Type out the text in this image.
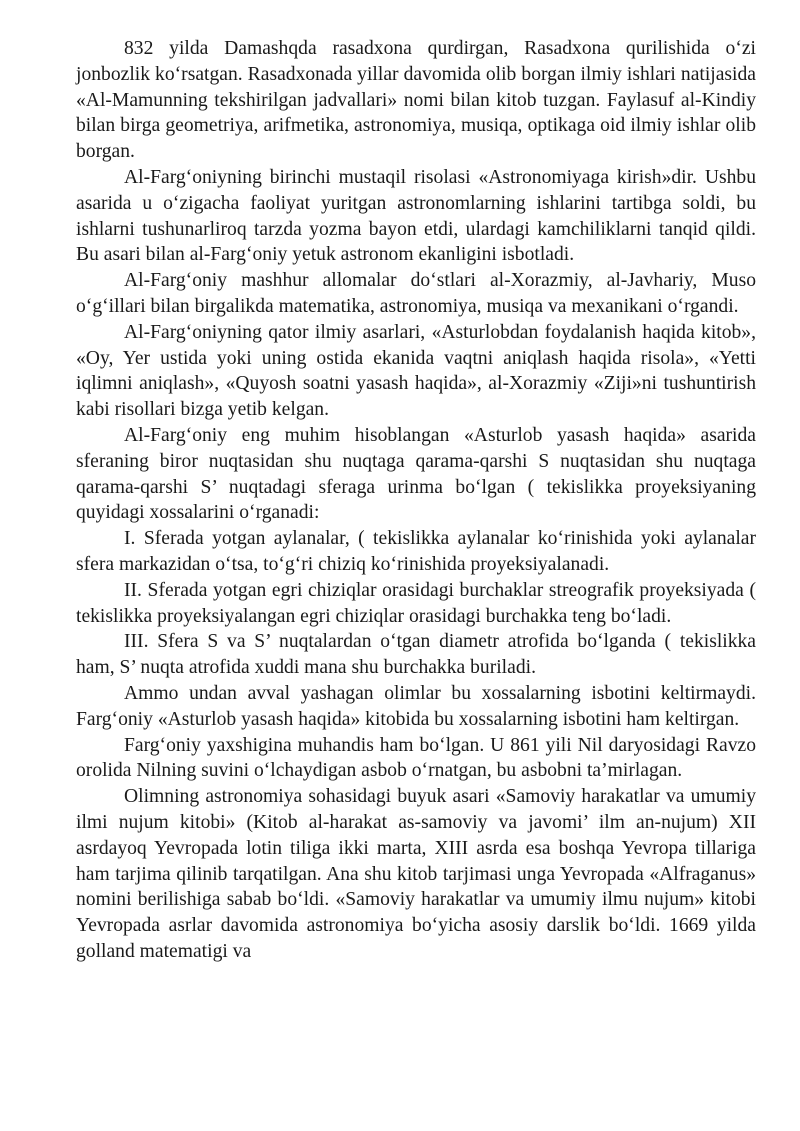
832 yilda Damashqda rasadxona qurdirgan, Rasadxona qurilishida o‘zi jonbozlik ko‘rsatgan. Rasadxonada yillar davomida olib borgan ilmiy ishlari natijasida «Al-Mamunning tekshirilgan jadvallari» nomi bilan kitob tuzgan. Faylasuf al-Kindiy bilan birga geometriya, arifmetika, astronomiya, musiqa, optikaga oid ilmiy ishlar olib borgan.

Al-Farg‘oniyning birinchi mustaqil risolasi «Astronomiyaga kirish»dir. Ushbu asarida u o‘zigacha faoliyat yuritgan astronomlarning ishlarini tartibga soldi, bu ishlarni tushunarliroq tarzda yozma bayon etdi, ulardagi kamchiliklarni tanqid qildi. Bu asari bilan al-Farg‘oniy yetuk astronom ekanligini isbotladi.

Al-Farg‘oniy mashhur allomalar do‘stlari al-Xorazmiy, al-Javhariy, Muso o‘g‘illari bilan birgalikda matematika, astronomiya, musiqa va mexanikani o‘rgandi.

Al-Farg‘oniyning qator ilmiy asarlari, «Asturlobdan foydalanish haqida kitob», «Oy, Yer ustida yoki uning ostida ekanida vaqtni aniqlash haqida risola», «Yetti iqlimni aniqlash», «Quyosh soatni yasash haqida», al-Xorazmiy «Ziji»ni tushuntirish kabi risollari bizga yetib kelgan.

Al-Farg‘oniy eng muhim hisoblangan «Asturlob yasash haqida» asarida sferaning biror nuqtasidan shu nuqtaga qarama-qarshi S nuqtasidan shu nuqtaga qarama-qarshi S’ nuqtadagi sferaga urinma bo‘lgan ( tekislikka proyeksiyaning quyidagi xossalarini o‘rganadi:

I. Sferada yotgan aylanalar, ( tekislikka aylanalar ko‘rinishida yoki aylanalar sfera markazidan o‘tsa, to‘g‘ri chiziq ko‘rinishida proyeksiyalanadi.

II. Sferada yotgan egri chiziqlar orasidagi burchaklar streografik proyeksiyada ( tekislikka proyeksiyalangan egri chiziqlar orasidagi burchakka teng bo‘ladi.

III. Sfera S va S’ nuqtalardan o‘tgan diametr atrofida bo‘lganda ( tekislikka ham, S’ nuqta atrofida xuddi mana shu burchakka buriladi.

Ammo undan avval yashagan olimlar bu xossalarning isbotini keltirmaydi. Farg‘oniy «Asturlob yasash haqida» kitobida bu xossalarning isbotini ham keltirgan.

Farg‘oniy yaxshigina muhandis ham bo‘lgan. U 861 yili Nil daryosidagi Ravzo orolida Nilning suvini o‘lchaydigan asbob o‘rnatgan, bu asbobni ta’mirlagan.

Olimning astronomiya sohasidagi buyuk asari «Samoviy harakatlar va umumiy ilmi nujum kitobi» (Kitob al-harakat as-samoviy va javomi’ ilm an-nujum) XII asrdayoq Yevropada lotin tiliga ikki marta, XIII asrda esa boshqa Yevropa tillariga ham tarjima qilinib tarqatilgan. Ana shu kitob tarjimasi unga Yevropada «Alfraganus» nomini berilishiga sabab bo‘ldi. «Samoviy harakatlar va umumiy ilmu nujum» kitobi Yevropada asrlar davomida astronomiya bo‘yicha asosiy darslik bo‘ldi. 1669 yilda golland matematigi va
